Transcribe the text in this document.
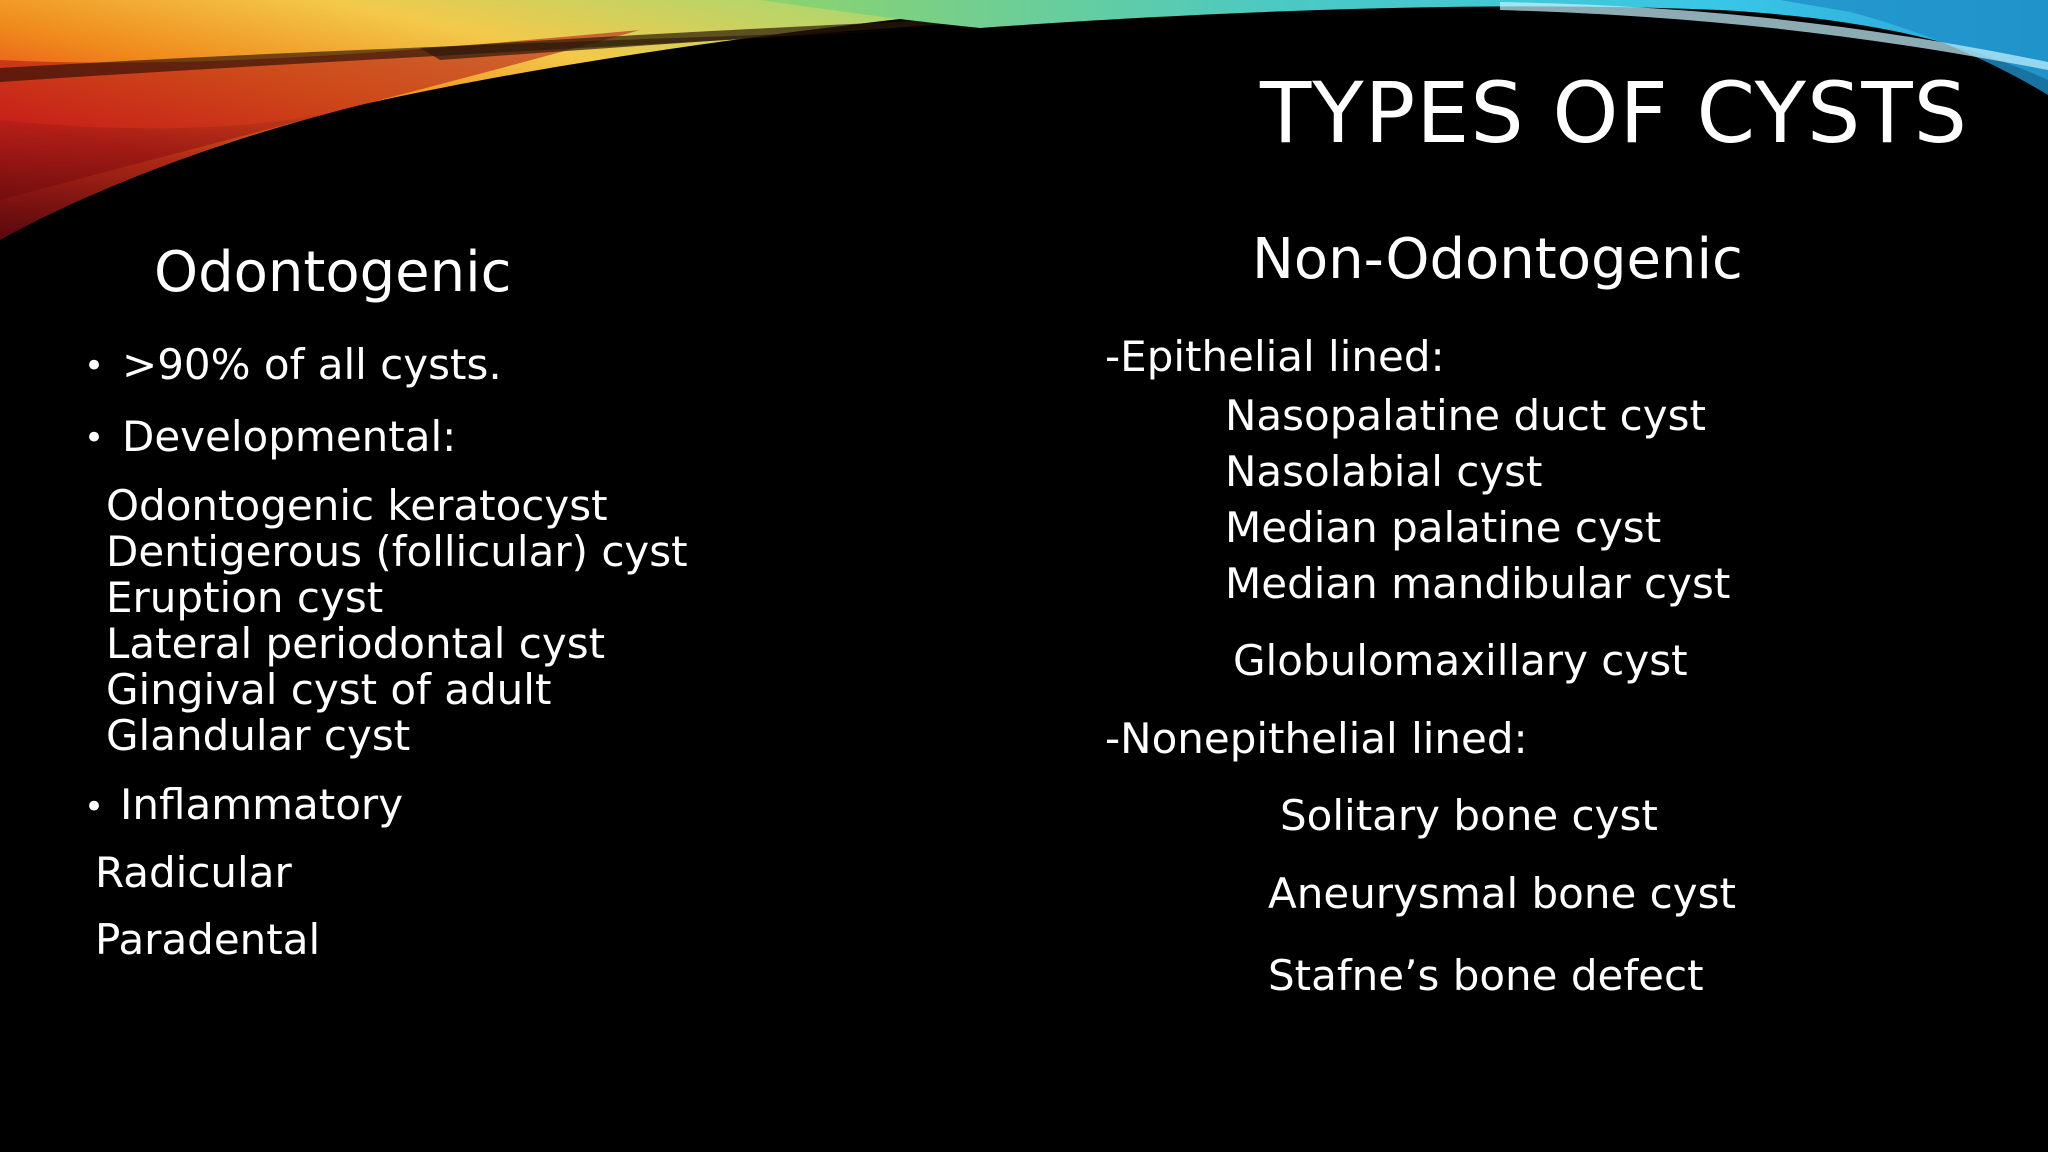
TYPES OF CYSTS
Odontogenic
• >90% of all cysts.
• Developmental:
Odontogenic keratocyst
Dentigerous (follicular) cyst
Eruption cyst
Lateral periodontal cyst
Gingival cyst of adult
Glandular cyst
• Inflammatory
Radicular
Paradental
Non-Odontogenic
-Epithelial lined:
Nasopalatine duct cyst
Nasolabial cyst
Median palatine cyst
Median mandibular cyst
Globulomaxillary cyst
-Nonepithelial lined:
Solitary bone cyst
Aneurysmal bone cyst
Stafne’s bone defect
